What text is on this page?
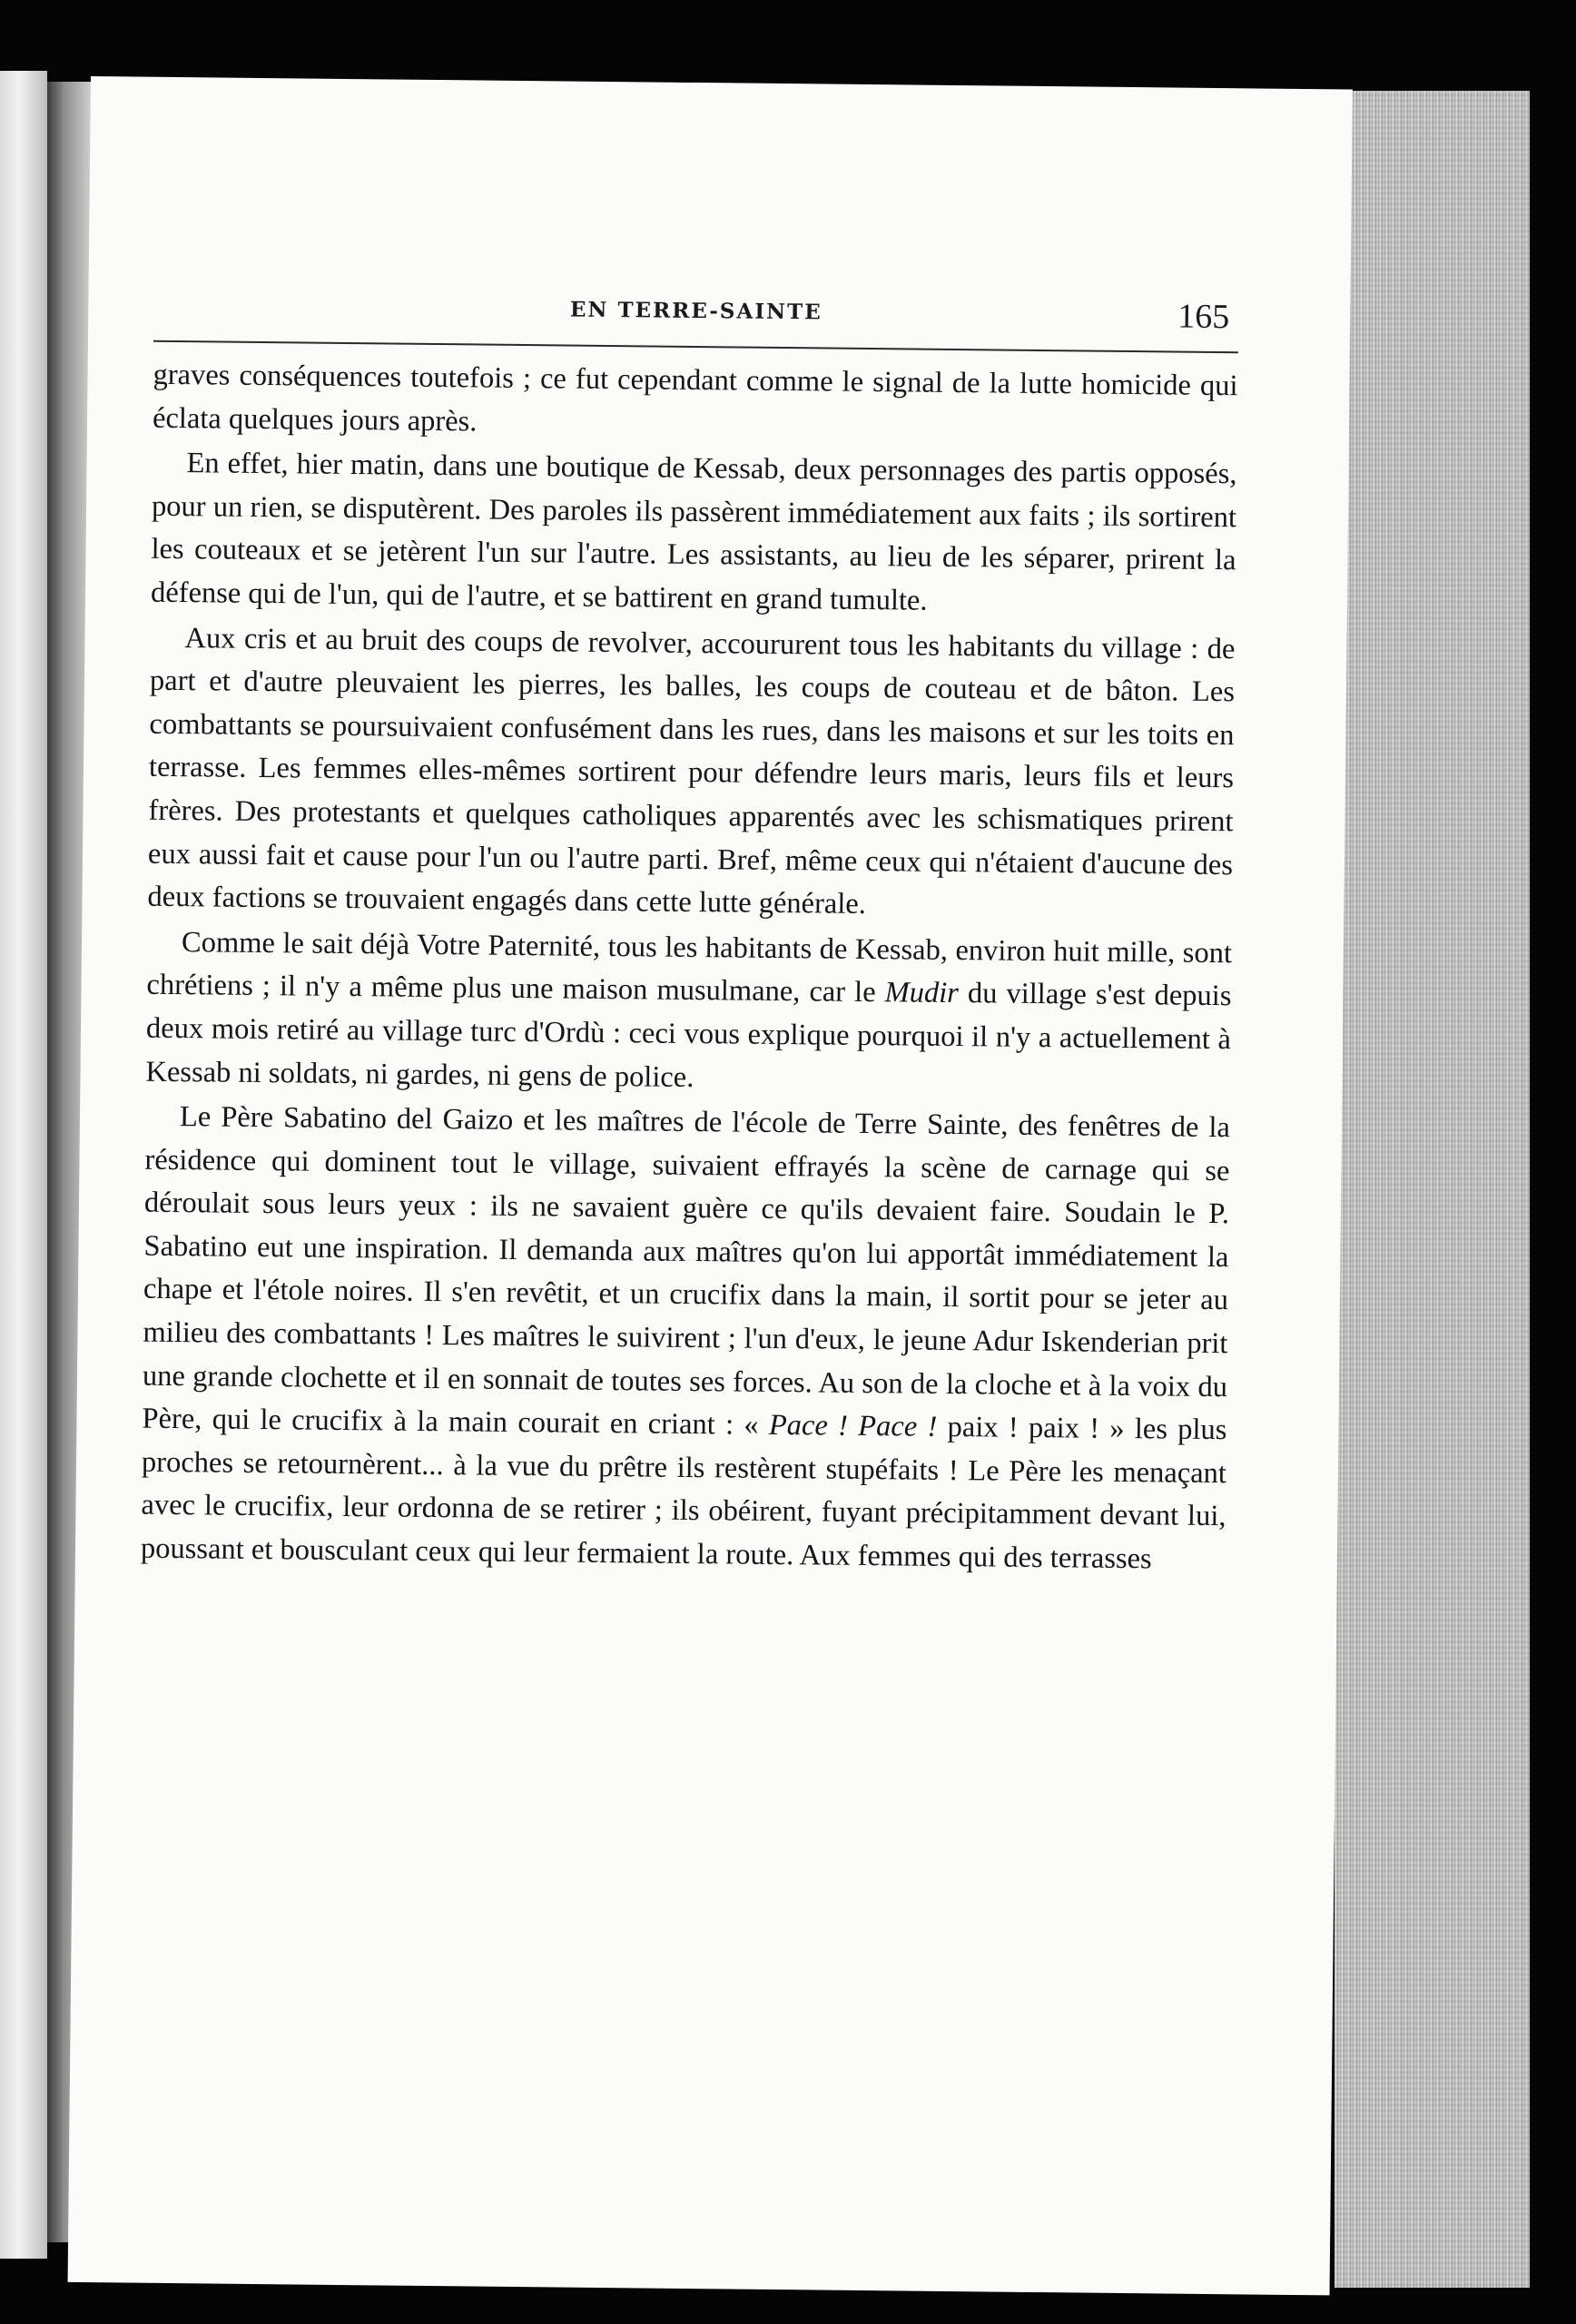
EN TERRE-SAINTE	165

graves conséquences toutefois ; ce fut cependant comme le signal de la lutte homicide qui éclata quelques jours après.

En effet, hier matin, dans une boutique de Kessab, deux personnages des partis opposés, pour un rien, se disputèrent. Des paroles ils passèrent immédiatement aux faits ; ils sortirent les couteaux et se jetèrent l'un sur l'autre. Les assistants, au lieu de les séparer, prirent la défense qui de l'un, qui de l'autre, et se battirent en grand tumulte.

Aux cris et au bruit des coups de revolver, accoururent tous les habitants du village : de part et d'autre pleuvaient les pierres, les balles, les coups de couteau et de bâton. Les combattants se poursuivaient confusément dans les rues, dans les maisons et sur les toits en terrasse. Les femmes elles-mêmes sortirent pour défendre leurs maris, leurs fils et leurs frères. Des protestants et quelques catholiques apparentés avec les schismatiques prirent eux aussi fait et cause pour l'un ou l'autre parti. Bref, même ceux qui n'étaient d'aucune des deux factions se trouvaient engagés dans cette lutte générale.

Comme le sait déjà Votre Paternité, tous les habitants de Kessab, environ huit mille, sont chrétiens ; il n'y a même plus une maison musulmane, car le Mudir du village s'est depuis deux mois retiré au village turc d'Ordù : ceci vous explique pourquoi il n'y a actuellement à Kessab ni soldats, ni gardes, ni gens de police.

Le Père Sabatino del Gaizo et les maîtres de l'école de Terre Sainte, des fenêtres de la résidence qui dominent tout le village, suivaient effrayés la scène de carnage qui se déroulait sous leurs yeux : ils ne savaient guère ce qu'ils devaient faire. Soudain le P. Sabatino eut une inspiration. Il demanda aux maîtres qu'on lui apportât immédiatement la chape et l'étole noires. Il s'en revêtit, et un crucifix dans la main, il sortit pour se jeter au milieu des combattants ! Les maîtres le suivirent ; l'un d'eux, le jeune Adur Iskenderian prit une grande clochette et il en sonnait de toutes ses forces. Au son de la cloche et à la voix du Père, qui le crucifix à la main courait en criant : « Pace ! Pace ! paix ! paix ! » les plus proches se retournèrent... à la vue du prêtre ils restèrent stupéfaits ! Le Père les menaçant avec le crucifix, leur ordonna de se retirer ; ils obéirent, fuyant précipitamment devant lui, poussant et bousculant ceux qui leur fermaient la route. Aux femmes qui des terrasses
